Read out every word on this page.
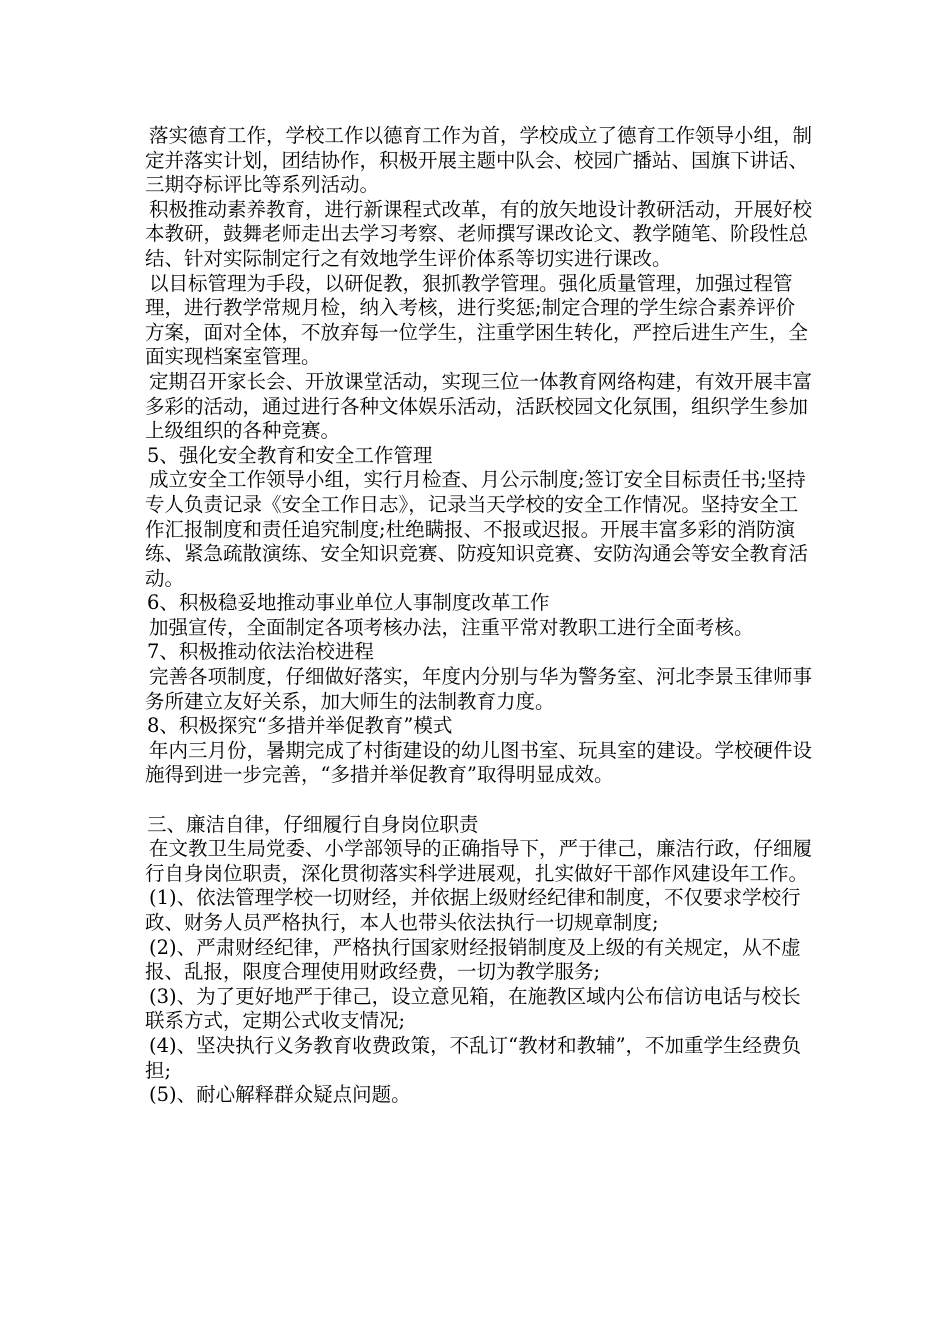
落实德育工作，学校工作以德育工作为首，学校成立了德育工作领导小组，制定并落实计划，团结协作，积极开展主题中队会、校园广播站、国旗下讲话、三期夺标评比等系列活动。

积极推动素养教育，进行新课程式改革，有的放矢地设计教研活动，开展好校本教研，鼓舞老师走出去学习考察、老师撰写课改论文、教学随笔、阶段性总结、针对实际制定行之有效地学生评价体系等切实进行课改。

以目标管理为手段，以研促教，狠抓教学管理。强化质量管理，加强过程管理，进行教学常规月检，纳入考核，进行奖惩;制定合理的学生综合素养评价方案，面对全体，不放弃每一位学生，注重学困生转化，严控后进生产生，全面实现档案室管理。

定期召开家长会、开放课堂活动，实现三位一体教育网络构建，有效开展丰富多彩的活动，通过进行各种文体娱乐活动，活跃校园文化氛围，组织学生参加上级组织的各种竞赛。

5、强化安全教育和安全工作管理

成立安全工作领导小组，实行月检查、月公示制度;签订安全目标责任书;坚持专人负责记录《安全工作日志》，记录当天学校的安全工作情况。坚持安全工作汇报制度和责任追究制度;杜绝瞒报、不报或迟报。开展丰富多彩的消防演练、紧急疏散演练、安全知识竞赛、防疫知识竞赛、安防沟通会等安全教育活动。

6、积极稳妥地推动事业单位人事制度改革工作

加强宣传，全面制定各项考核办法，注重平常对教职工进行全面考核。

7、积极推动依法治校进程

完善各项制度，仔细做好落实，年度内分别与华为警务室、河北李景玉律师事务所建立友好关系，加大师生的法制教育力度。

8、积极探究“多措并举促教育”模式

年内三月份，暑期完成了村街建设的幼儿图书室、玩具室的建设。学校硬件设施得到进一步完善，“多措并举促教育”取得明显成效。

三、廉洁自律，仔细履行自身岗位职责

在文教卫生局党委、小学部领导的正确指导下，严于律己，廉洁行政，仔细履行自身岗位职责，深化贯彻落实科学进展观，扎实做好干部作风建设年工作。

(1)、依法管理学校一切财经，并依据上级财经纪律和制度，不仅要求学校行政、财务人员严格执行，本人也带头依法执行一切规章制度;

(2)、严肃财经纪律，严格执行国家财经报销制度及上级的有关规定，从不虚报、乱报，限度合理使用财政经费，一切为教学服务;

(3)、为了更好地严于律己，设立意见箱，在施教区域内公布信访电话与校长联系方式，定期公式收支情况;

(4)、坚决执行义务教育收费政策，不乱订“教材和教辅”，不加重学生经费负担;

(5)、耐心解释群众疑点问题。
